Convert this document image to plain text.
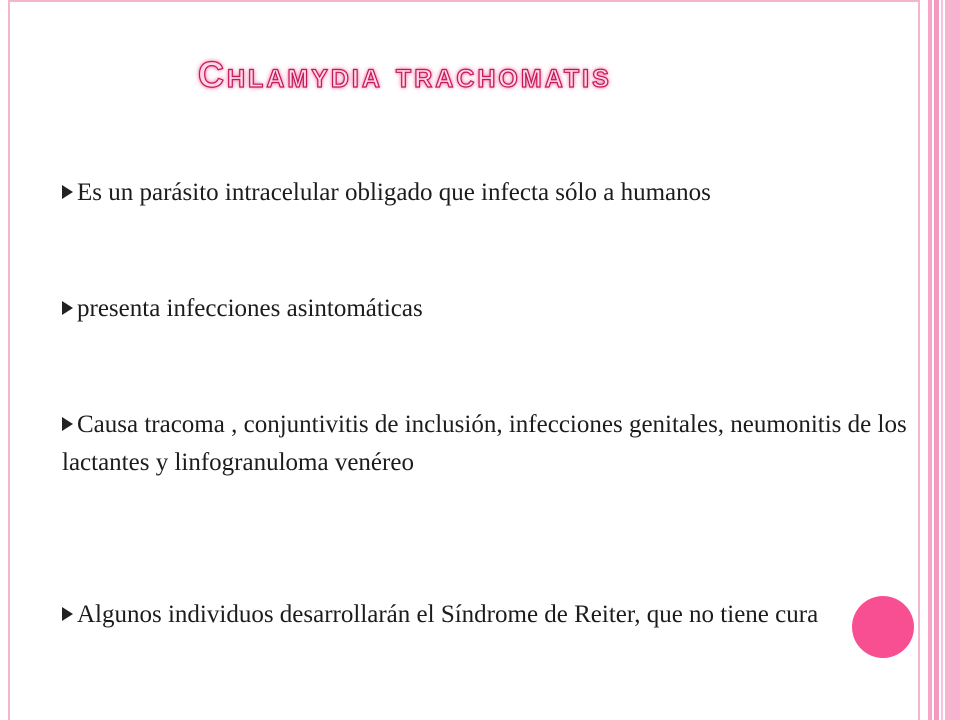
Chlamydia trachomatis
Es un parásito intracelular obligado que infecta sólo a humanos
presenta infecciones asintomáticas
Causa tracoma , conjuntivitis de inclusión, infecciones genitales, neumonitis de los lactantes y linfogranuloma venéreo
Algunos individuos desarrollarán el Síndrome de Reiter, que no tiene cura
